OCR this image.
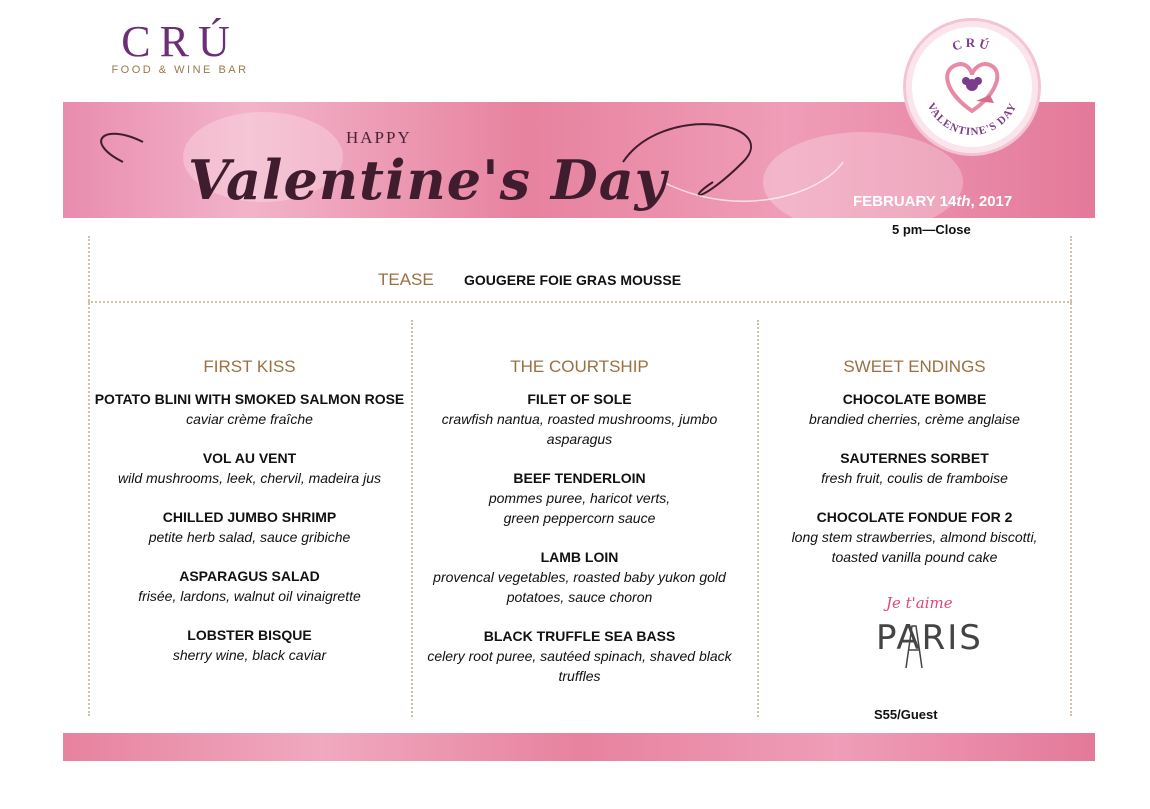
CRÚ
FOOD & WINE BAR
HAPPY
Valentine's Day	FEBRUARY 14th, 2017
CRÚ
VALENTINE'S DAY
5 pm—Close
TEASE GOUGERE FOIE GRAS MOUSSE
FIRST KISS
POTATO BLINI WITH SMOKED SALMON ROSE
caviar crème fraîche
VOL AU VENT
wild mushrooms, leek, chervil, madeira jus
CHILLED JUMBO SHRIMP
petite herb salad, sauce gribiche
ASPARAGUS SALAD
frisée, lardons, walnut oil vinaigrette
LOBSTER BISQUE
sherry wine, black caviar
THE COURTSHIP
FILET OF SOLE
crawfish nantua, roasted mushrooms, jumbo asparagus
BEEF TENDERLOIN
pommes puree, haricot verts, green peppercorn sauce
LAMB LOIN
provencal vegetables, roasted baby yukon gold potatoes, sauce choron
BLACK TRUFFLE SEA BASS
celery root puree, sautéed spinach, shaved black truffles
SWEET ENDINGS
CHOCOLATE BOMBE
brandied cherries, crème anglaise
SAUTERNES SORBET
fresh fruit, coulis de framboise
CHOCOLATE FONDUE FOR 2
long stem strawberries, almond biscotti, toasted vanilla pound cake
Je t'aime
PARIS
S55/Guest
